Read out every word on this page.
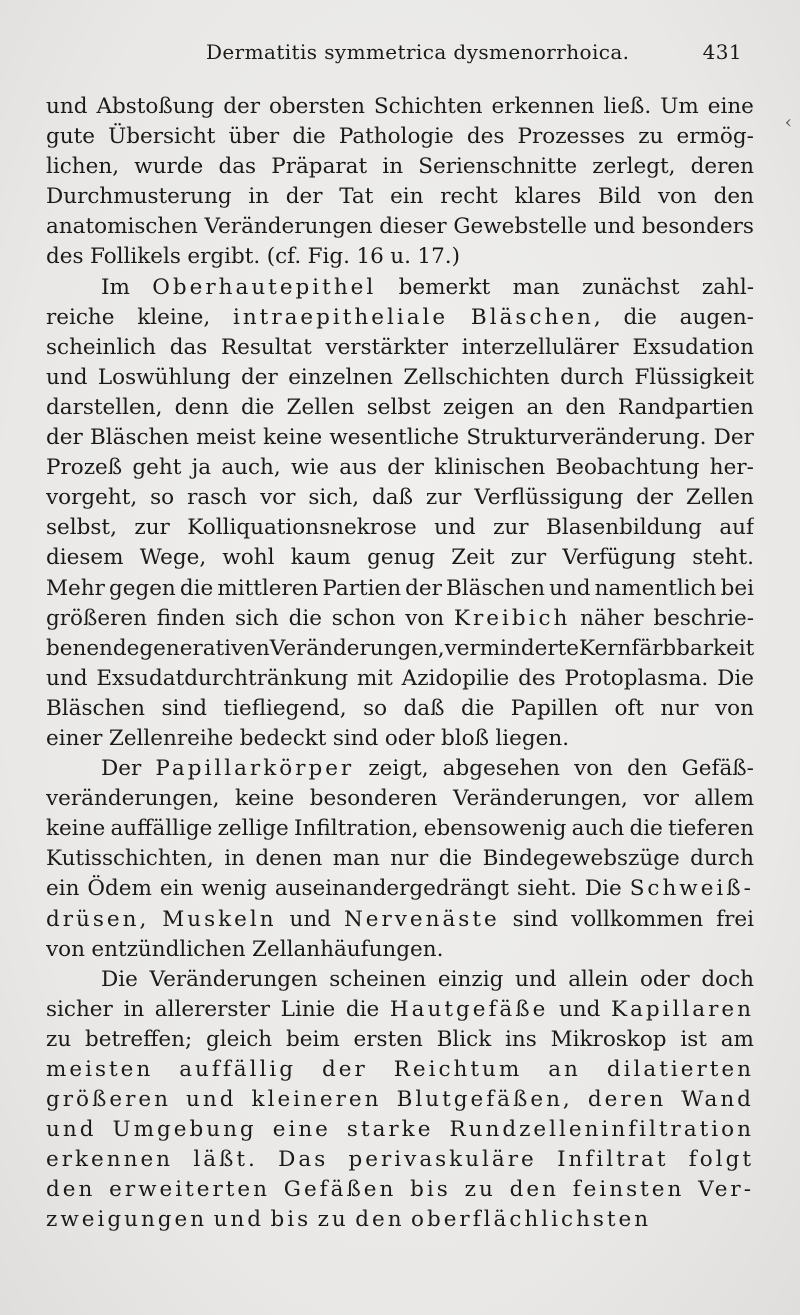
Dermatitis symmetrica dysmenorrhoica.	431
‹
und Abstoßung der obersten Schichten erkennen ließ. Um eine
gute Übersicht über die Pathologie des Prozesses zu ermög-
lichen, wurde das Präparat in Serienschnitte zerlegt, deren
Durchmusterung in der Tat ein recht klares Bild von den
anatomischen Veränderungen dieser Gewebstelle und besonders
des Follikels ergibt. (cf. Fig. 16 u. 17.)
Im Oberhautepithel bemerkt man zunächst zahl-
reiche kleine, intraepitheliale Bläschen, die augen-
scheinlich das Resultat verstärkter interzellulärer Exsudation
und Loswühlung der einzelnen Zellschichten durch Flüssigkeit
darstellen, denn die Zellen selbst zeigen an den Randpartien
der Bläschen meist keine wesentliche Strukturveränderung. Der
Prozeß geht ja auch, wie aus der klinischen Beobachtung her-
vorgeht, so rasch vor sich, daß zur Verflüssigung der Zellen
selbst, zur Kolliquationsnekrose und zur Blasenbildung auf
diesem Wege, wohl kaum genug Zeit zur Verfügung steht.
Mehr gegen die mittleren Partien der Bläschen und namentlich bei
größeren finden sich die schon von Kreibich näher beschrie-
benen degenerativen Veränderungen, verminderte Kernfärbbarkeit
und Exsudatdurchtränkung mit Azidopilie des Protoplasma. Die
Bläschen sind tiefliegend, so daß die Papillen oft nur von
einer Zellenreihe bedeckt sind oder bloß liegen.
Der Papillarkörper zeigt, abgesehen von den Gefäß-
veränderungen, keine besonderen Veränderungen, vor allem
keine auffällige zellige Infiltration, ebensowenig auch die tieferen
Kutisschichten, in denen man nur die Bindegewebszüge durch
ein Ödem ein wenig auseinandergedrängt sieht. Die Schweiß-
drüsen, Muskeln und Nervenäste sind vollkommen frei
von entzündlichen Zellanhäufungen.
Die Veränderungen scheinen einzig und allein oder doch
sicher in allererster Linie die Hautgefäße und Kapillaren
zu betreffen; gleich beim ersten Blick ins Mikroskop ist am
meisten auffällig der Reichtum an dilatierten
größeren und kleineren Blutgefäßen, deren Wand
und Umgebung eine starke Rundzelleninfiltration
erkennen läßt. Das perivaskuläre Infiltrat folgt
den erweiterten Gefäßen bis zu den feinsten Ver-
zweigungen und bis zu den oberflächlichsten
